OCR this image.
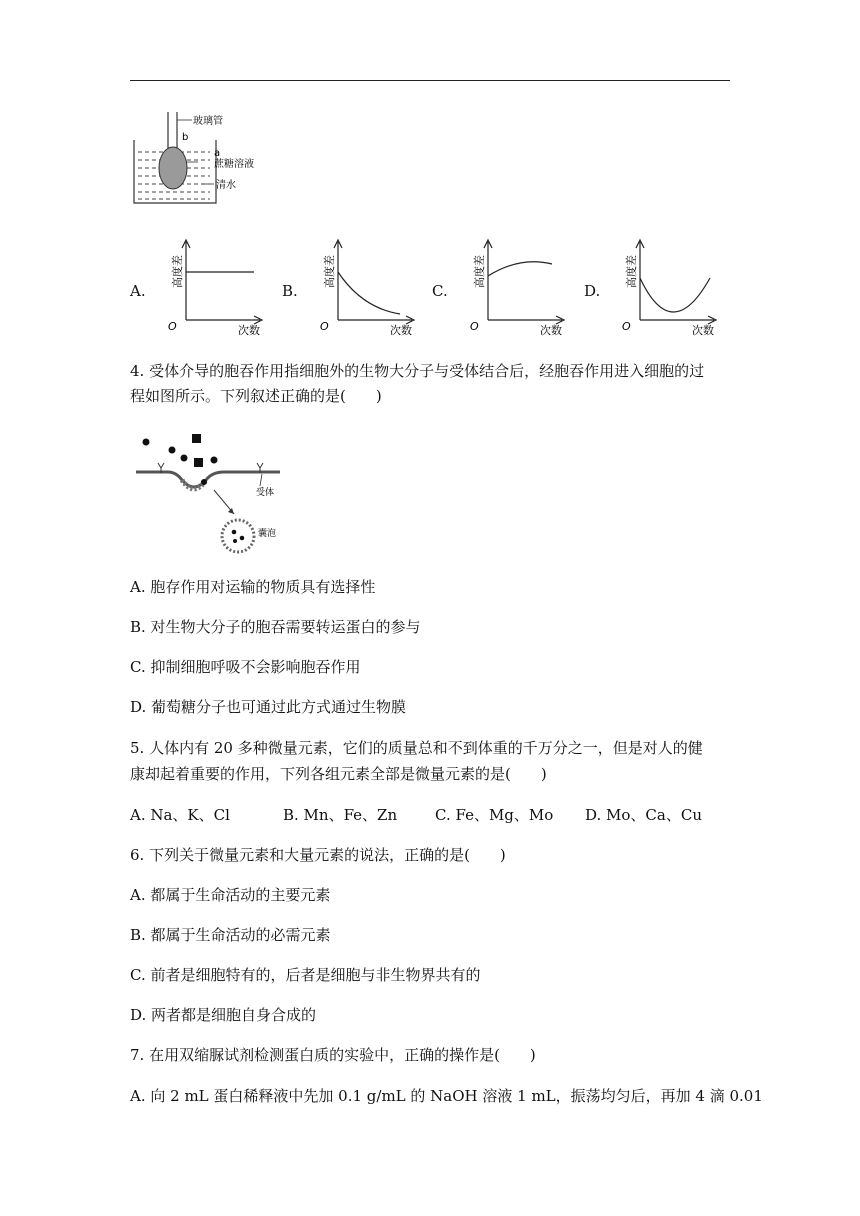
玻璃管
b
a
蔗糖溶液
清水
A.
高度差
次数
O
B.
高度差
次数
O
C.
高度差
次数
O
D.
高度差
次数
O
4. 受体介导的胞吞作用指细胞外的生物大分子与受体结合后，经胞吞作用进入细胞的过
程如图所示。下列叙述正确的是(　　)
受体
囊泡
A. 胞存作用对运输的物质具有选择性
B. 对生物大分子的胞吞需要转运蛋白的参与
C. 抑制细胞呼吸不会影响胞吞作用
D. 葡萄糖分子也可通过此方式通过生物膜
5. 人体内有 20 多种微量元素，它们的质量总和不到体重的千万分之一，但是对人的健
康却起着重要的作用，下列各组元素全部是微量元素的是(　　)
A. Na、K、Cl	B. Mn、Fe、Zn	C. Fe、Mg、Mo D. Mo、Ca、Cu
6. 下列关于微量元素和大量元素的说法，正确的是(　　)
A. 都属于生命活动的主要元素
B. 都属于生命活动的必需元素
C. 前者是细胞特有的，后者是细胞与非生物界共有的
D. 两者都是细胞自身合成的
7. 在用双缩脲试剂检测蛋白质的实验中，正确的操作是(　　)
A. 向 2 mL 蛋白稀释液中先加 0.1 g/mL 的 NaOH 溶液 1 mL，振荡均匀后，再加 4 滴 0.01
